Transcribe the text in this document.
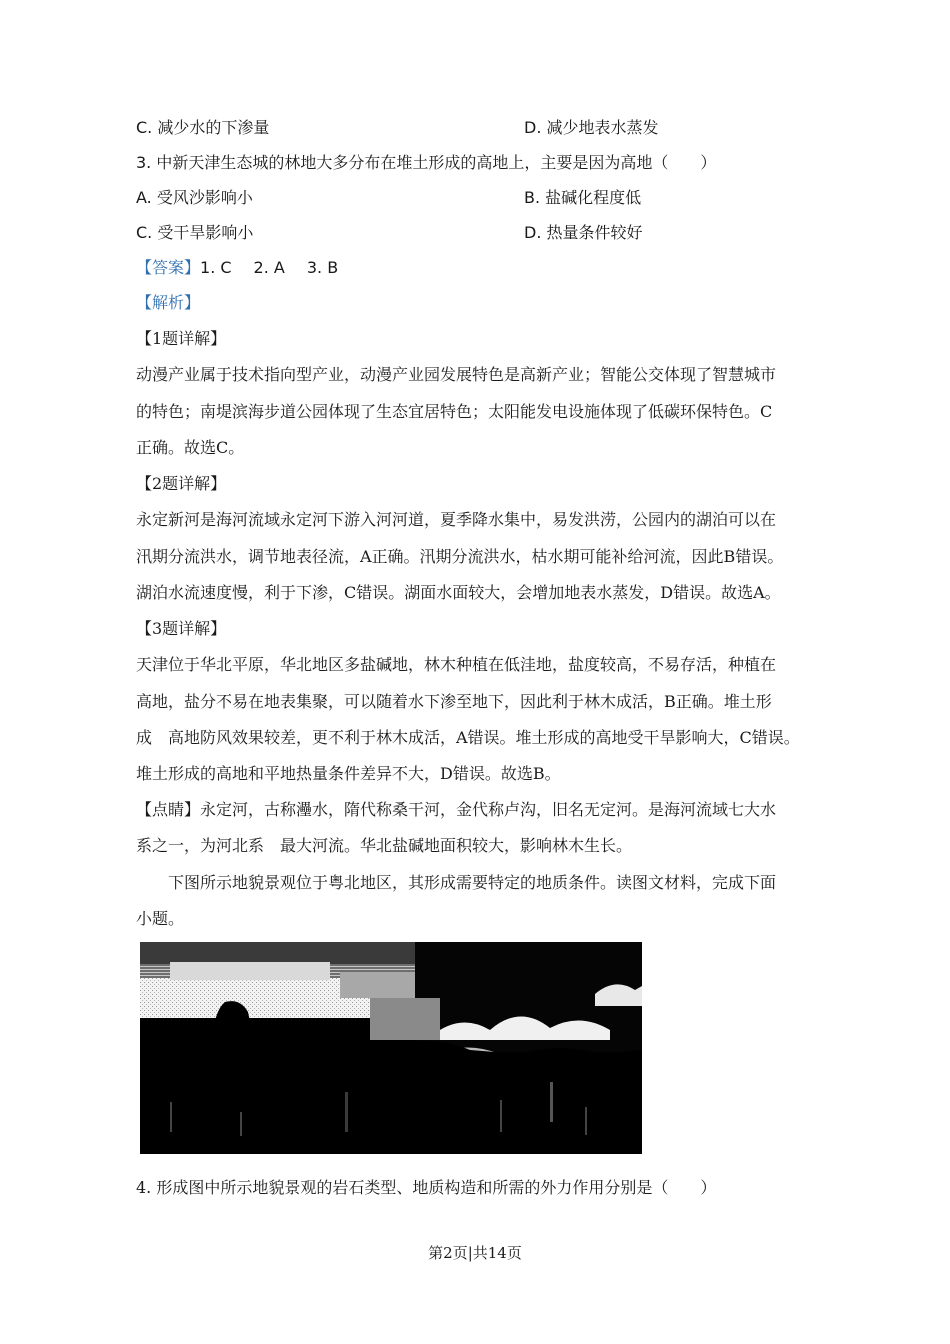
C. 减少水的下渗量	D. 减少地表水蒸发
3. 中新天津生态城的林地大多分布在堆土形成的高地上，主要是因为高地（　　）
A. 受风沙影响小	B. 盐碱化程度低
C. 受干旱影响小	D. 热量条件较好
【答案】1. C 2. A 3. B
【解析】
【1题详解】
动漫产业属于技术指向型产业，动漫产业园发展特色是高新产业；智能公交体现了智慧城市
的特色；南堤滨海步道公园体现了生态宜居特色；太阳能发电设施体现了低碳环保特色。C
正确。故选C。
【2题详解】
永定新河是海河流域永定河下游入河河道，夏季降水集中，易发洪涝，公园内的湖泊可以在
汛期分流洪水，调节地表径流，A正确。汛期分流洪水，枯水期可能补给河流，因此B错误。
湖泊水流速度慢，利于下渗，C错误。湖面水面较大，会增加地表水蒸发，D错误。故选A。
【3题详解】
天津位于华北平原，华北地区多盐碱地，林木种植在低洼地，盐度较高，不易存活，种植在
高地，盐分不易在地表集聚，可以随着水下渗至地下，因此利于林木成活，B正确。堆土形
成　高地防风效果较差，更不利于林木成活，A错误。堆土形成的高地受干旱影响大，C错误。
堆土形成的高地和平地热量条件差异不大，D错误。故选B。
【点睛】永定河，古称灅水，隋代称桑干河，金代称卢沟，旧名无定河。是海河流域七大水
系之一，为河北系　最大河流。华北盐碱地面积较大，影响林木生长。
下图所示地貌景观位于粤北地区，其形成需要特定的地质条件。读图文材料，完成下面
小题。
4. 形成图中所示地貌景观的岩石类型、地质构造和所需的外力作用分别是（　　）
第2页|共14页
